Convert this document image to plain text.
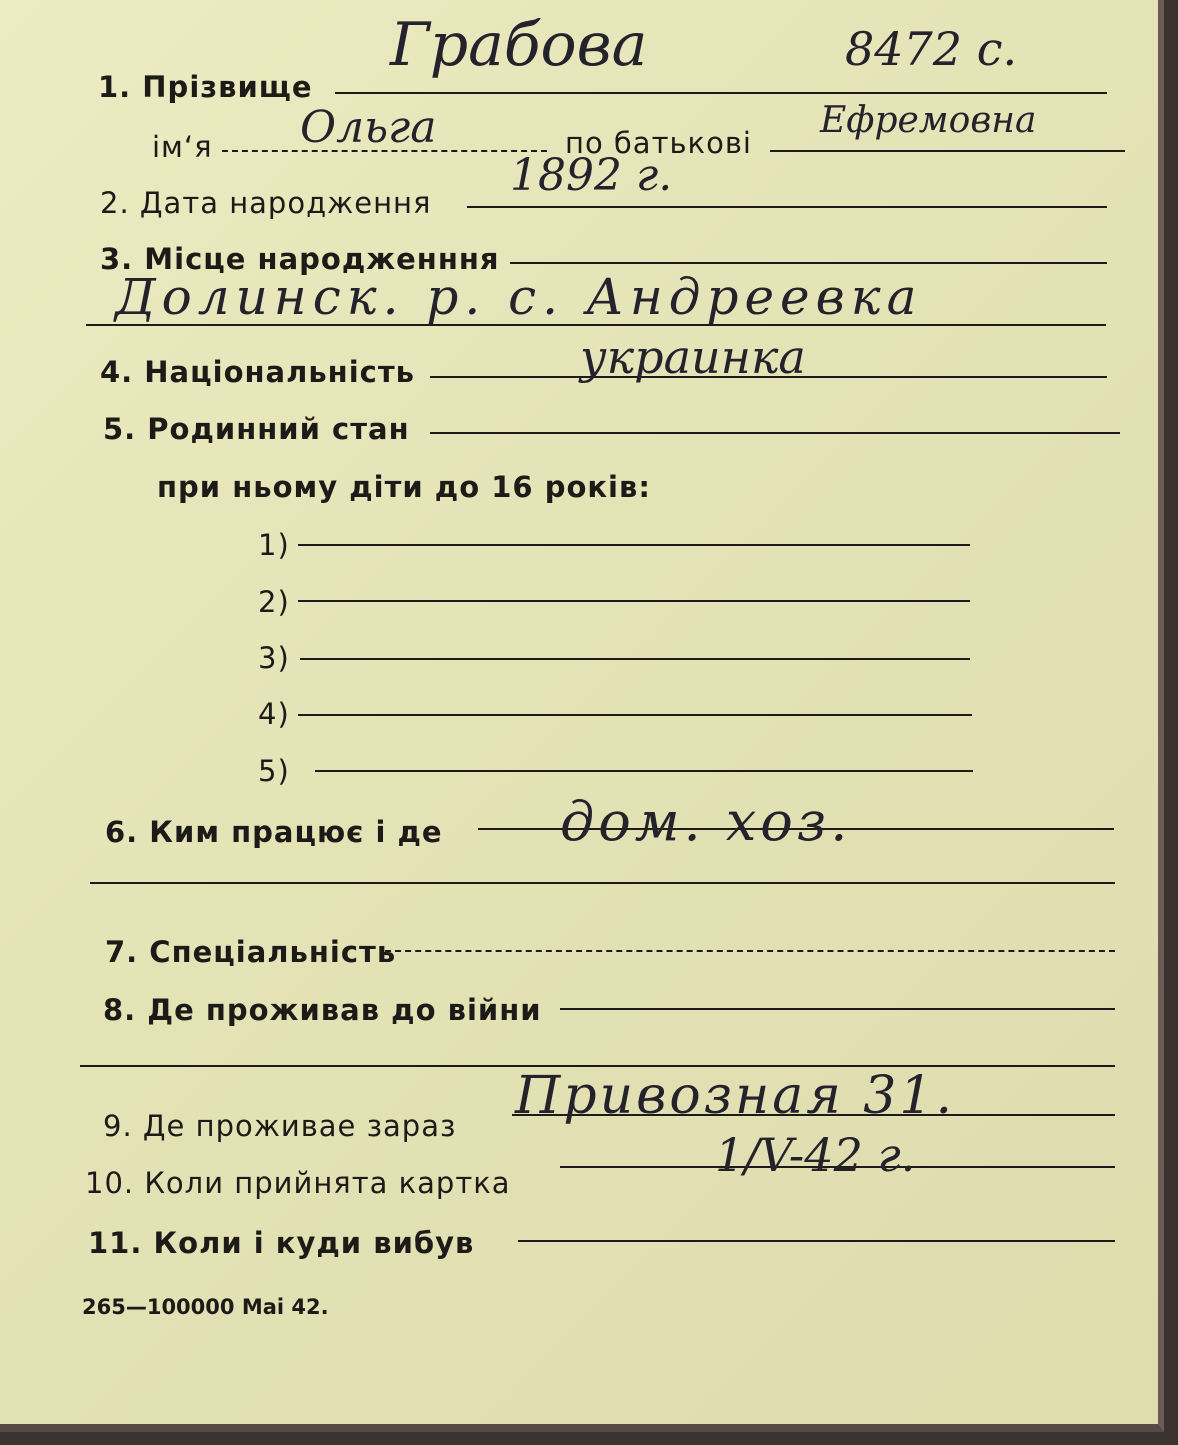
1. Прізвище
Грабова	8472 с.
ім‘я Ольга	по батькові
Ефремовна
2. Дата народження
1892 г.
3. Місце народженння
Долинск. р. с. Андреевка
4. Національність	украинка
5. Родинний стан
при ньому діти до 16 років:
1)
2)
3)
4)
5)
6. Ким працює і де дом. хоз.
7. Спеціальність
8. Де проживав до війни
9. Де проживае зараз Привозная 31.
10. Коли прийнята картка
1/V-42 г.
11. Коли і куди вибув
265—100000 Mai 42.
